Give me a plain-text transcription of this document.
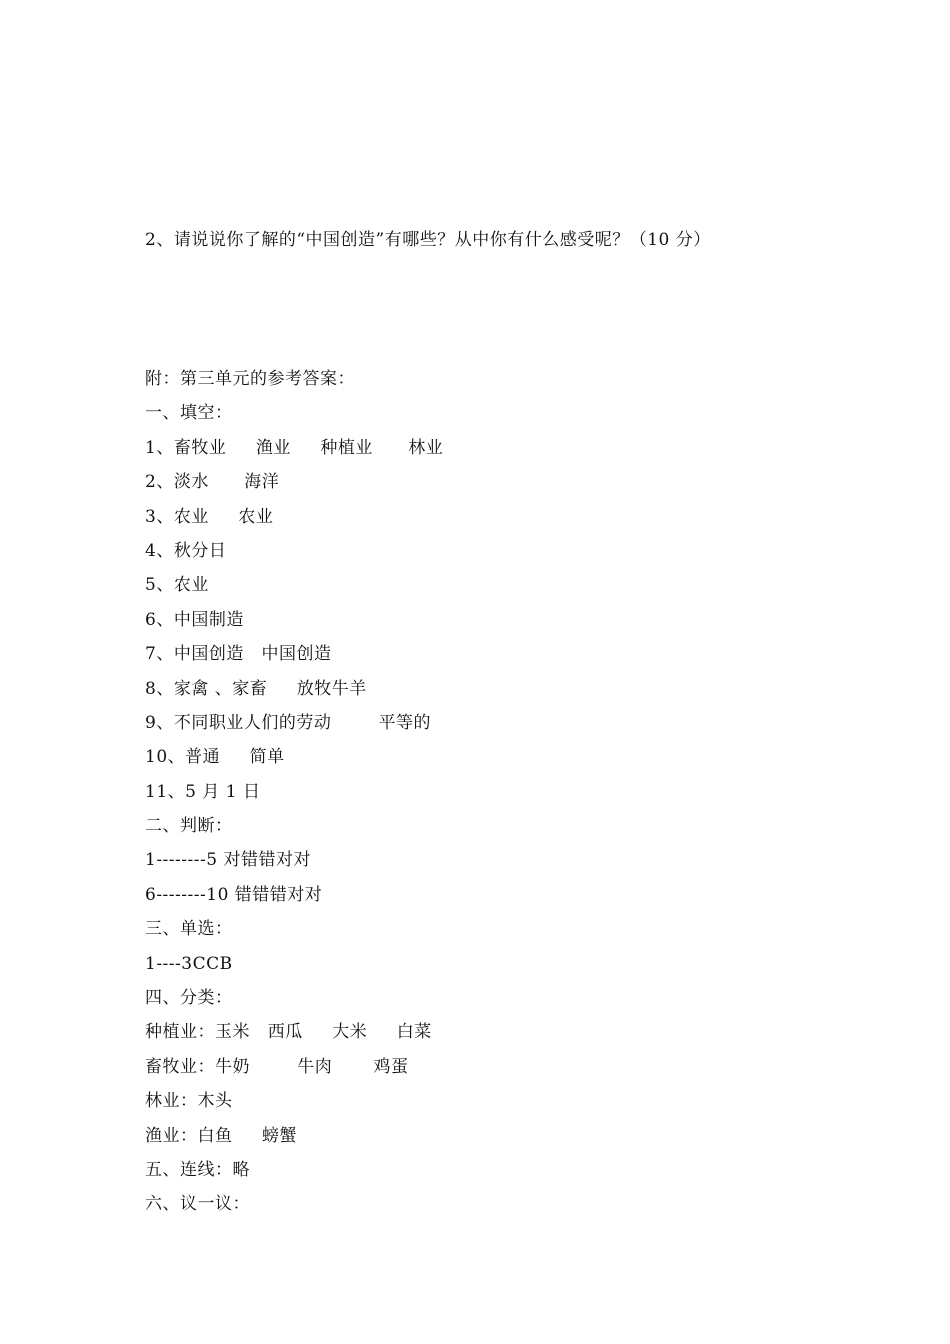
2、请说说你了解的“中国创造”有哪些？从中你有什么感受呢？（10 分）
附：第三单元的参考答案：
一、填空：
1、畜牧业     渔业     种植业      林业
2、淡水      海洋
3、农业     农业
4、秋分日
5、农业
6、中国制造
7、中国创造   中国创造
8、家禽 、家畜     放牧牛羊
9、不同职业人们的劳动        平等的
10、普通     简单
11、5 月 1 日
二、判断：
1--------5 对错错对对
6--------10 错错错对对
三、单选：
1----3CCB
四、分类：
种植业：玉米   西瓜     大米     白菜
畜牧业：牛奶        牛肉       鸡蛋
林业：木头
渔业：白鱼     螃蟹
五、连线：略
六、议一议：
